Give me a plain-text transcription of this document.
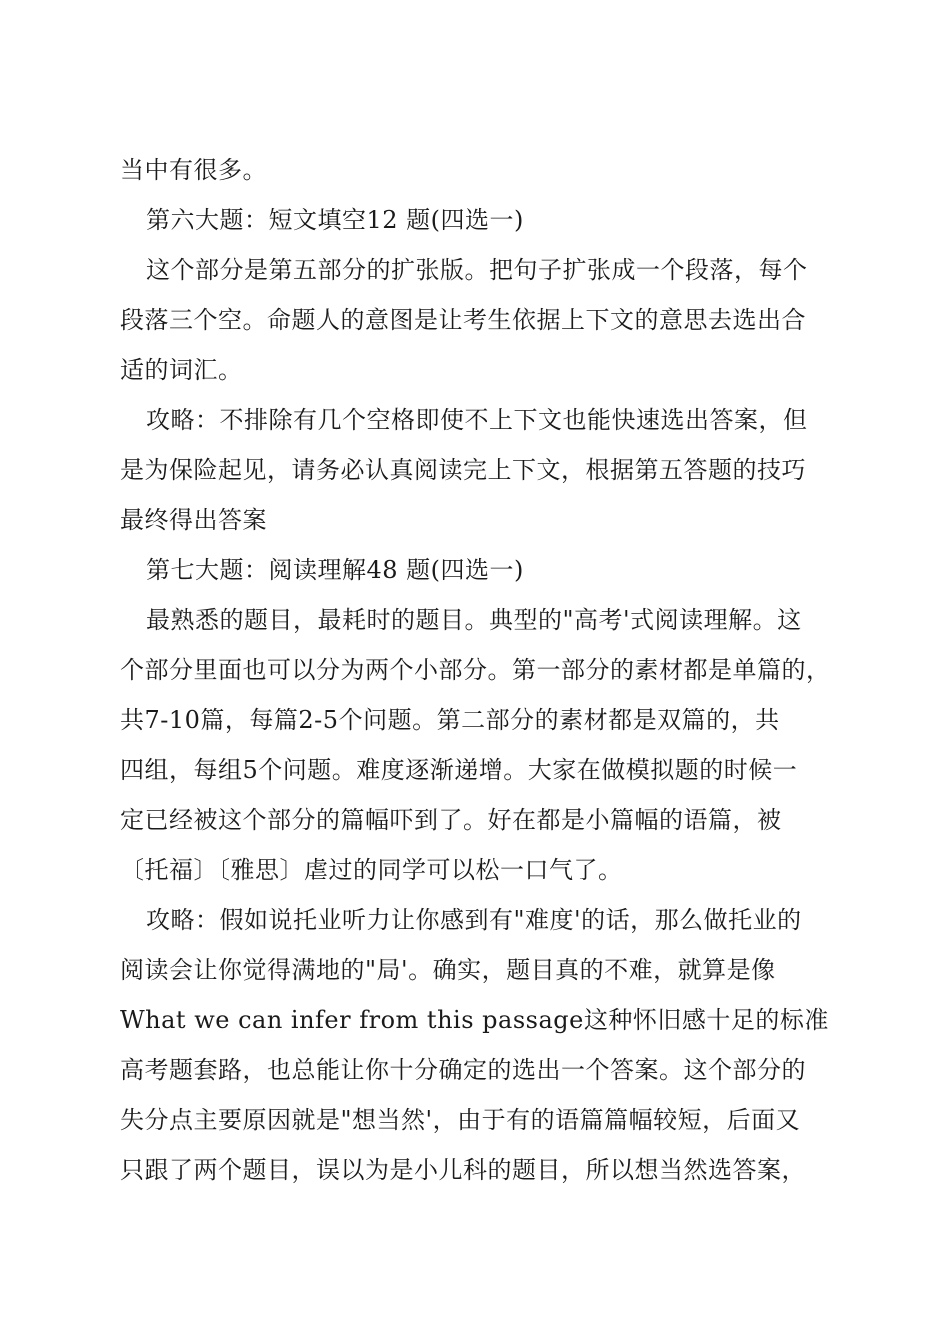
当中有很多。
第六大题：短文填空12 题(四选一)
这个部分是第五部分的扩张版。把句子扩张成一个段落，每个
段落三个空。命题人的意图是让考生依据上下文的意思去选出合
适的词汇。
攻略：不排除有几个空格即使不上下文也能快速选出答案，但
是为保险起见，请务必认真阅读完上下文，根据第五答题的技巧
最终得出答案
第七大题：阅读理解48 题(四选一)
最熟悉的题目，最耗时的题目。典型的"高考'式阅读理解。这
个部分里面也可以分为两个小部分。第一部分的素材都是单篇的，
共7-10篇，每篇2-5个问题。第二部分的素材都是双篇的，共
四组，每组5个问题。难度逐渐递增。大家在做模拟题的时候一
定已经被这个部分的篇幅吓到了。好在都是小篇幅的语篇，被
〔托福〕〔雅思〕虐过的同学可以松一口气了。
攻略：假如说托业听力让你感到有"难度'的话，那么做托业的
阅读会让你觉得满地的"局'。确实，题目真的不难，就算是像
What we can infer from this passage这种怀旧感十足的标准
高考题套路，也总能让你十分确定的选出一个答案。这个部分的
失分点主要原因就是"想当然'，由于有的语篇篇幅较短，后面又
只跟了两个题目，误以为是小儿科的题目，所以想当然选答案，
